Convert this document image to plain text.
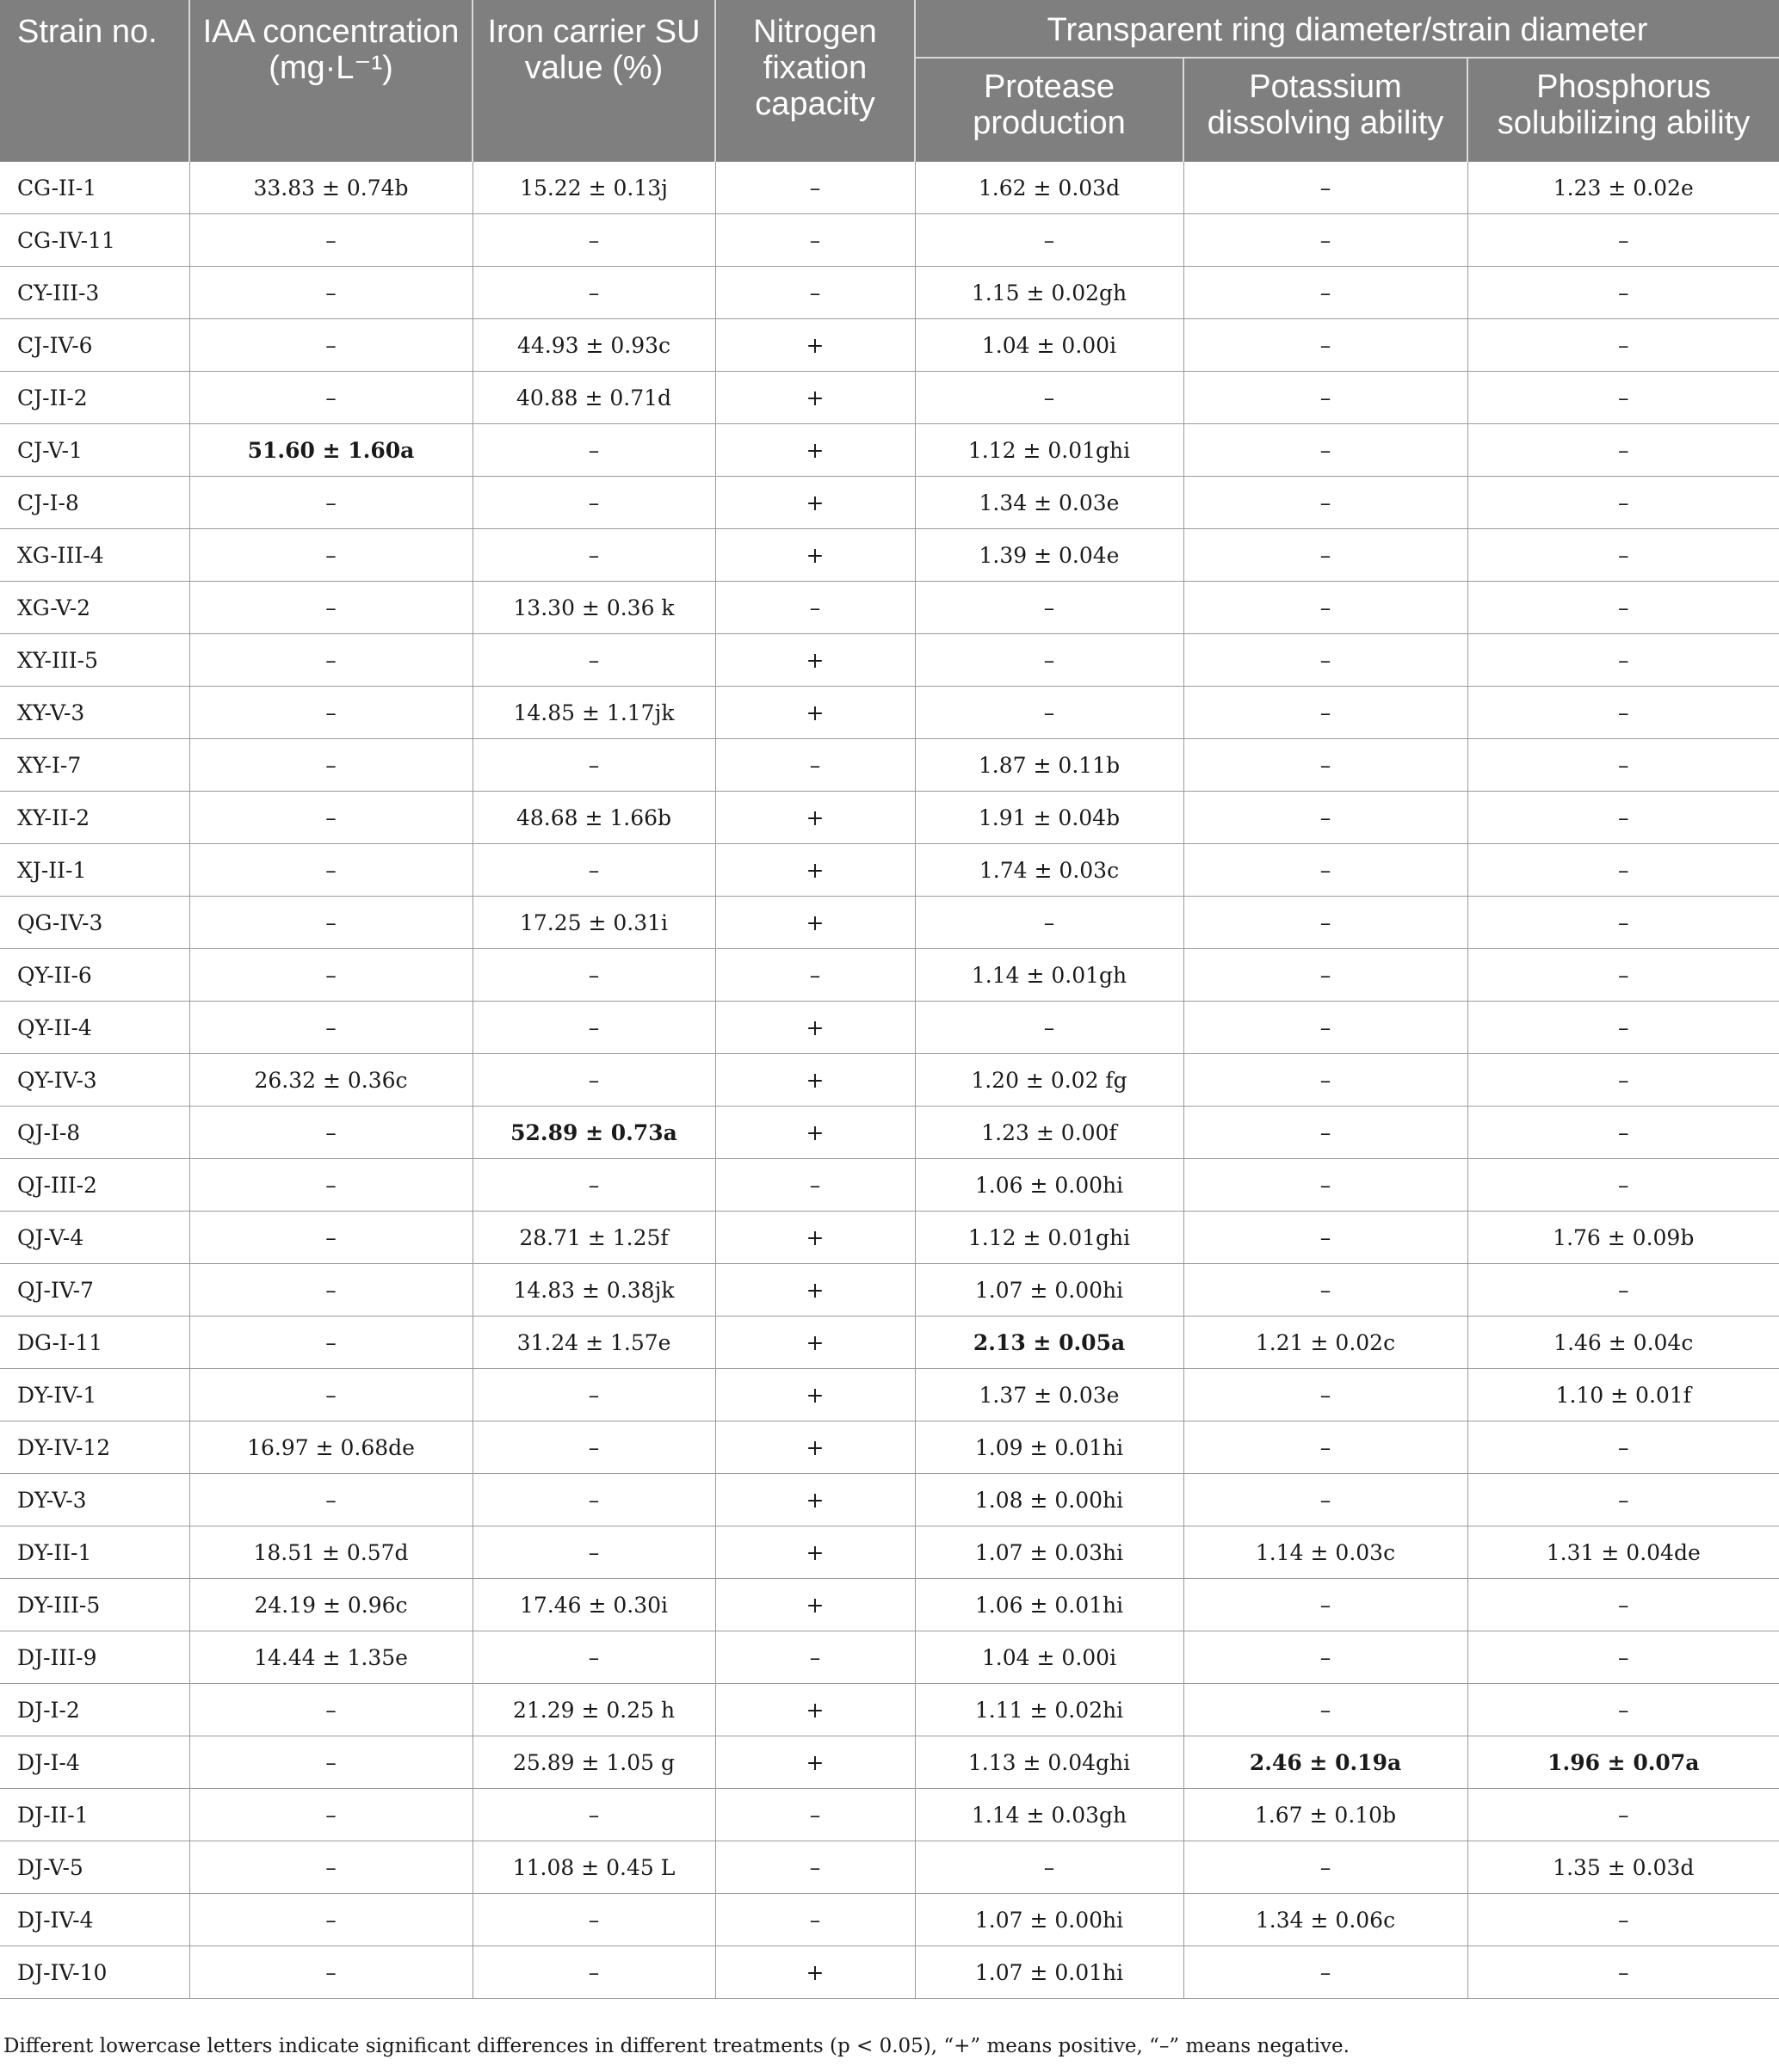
Strain no.	IAA concentration (mg·L⁻¹)	Iron carrier SU value (%)	Nitrogen fixation capacity	Transparent ring diameter/strain diameter		
				Protease production	Potassium dissolving ability	Phosphorus solubilizing ability
CG-II-1	33.83 ± 0.74b	15.22 ± 0.13j	–	1.62 ± 0.03d	–	1.23 ± 0.02e
CG-IV-11	–	–	–	–	–	–
CY-III-3	–	–	–	1.15 ± 0.02gh	–	–
CJ-IV-6	–	44.93 ± 0.93c	+	1.04 ± 0.00i	–	–
CJ-II-2	–	40.88 ± 0.71d	+	–	–	–
CJ-V-1	51.60 ± 1.60a	–	+	1.12 ± 0.01ghi	–	–
CJ-I-8	–	–	+	1.34 ± 0.03e	–	–
XG-III-4	–	–	+	1.39 ± 0.04e	–	–
XG-V-2	–	13.30 ± 0.36 k	–	–	–	–
XY-III-5	–	–	+	–	–	–
XY-V-3	–	14.85 ± 1.17jk	+	–	–	–
XY-I-7	–	–	–	1.87 ± 0.11b	–	–
XY-II-2	–	48.68 ± 1.66b	+	1.91 ± 0.04b	–	–
XJ-II-1	–	–	+	1.74 ± 0.03c	–	–
QG-IV-3	–	17.25 ± 0.31i	+	–	–	–
QY-II-6	–	–	–	1.14 ± 0.01gh	–	–
QY-II-4	–	–	+	–	–	–
QY-IV-3	26.32 ± 0.36c	–	+	1.20 ± 0.02 fg	–	–
QJ-I-8	–	52.89 ± 0.73a	+	1.23 ± 0.00f	–	–
QJ-III-2	–	–	–	1.06 ± 0.00hi	–	–
QJ-V-4	–	28.71 ± 1.25f	+	1.12 ± 0.01ghi	–	1.76 ± 0.09b
QJ-IV-7	–	14.83 ± 0.38jk	+	1.07 ± 0.00hi	–	–
DG-I-11	–	31.24 ± 1.57e	+	2.13 ± 0.05a	1.21 ± 0.02c	1.46 ± 0.04c
DY-IV-1	–	–	+	1.37 ± 0.03e	–	1.10 ± 0.01f
DY-IV-12	16.97 ± 0.68de	–	+	1.09 ± 0.01hi	–	–
DY-V-3	–	–	+	1.08 ± 0.00hi	–	–
DY-II-1	18.51 ± 0.57d	–	+	1.07 ± 0.03hi	1.14 ± 0.03c	1.31 ± 0.04de
DY-III-5	24.19 ± 0.96c	17.46 ± 0.30i	+	1.06 ± 0.01hi	–	–
DJ-III-9	14.44 ± 1.35e	–	–	1.04 ± 0.00i	–	–
DJ-I-2	–	21.29 ± 0.25 h	+	1.11 ± 0.02hi	–	–
DJ-I-4	–	25.89 ± 1.05 g	+	1.13 ± 0.04ghi	2.46 ± 0.19a	1.96 ± 0.07a
DJ-II-1	–	–	–	1.14 ± 0.03gh	1.67 ± 0.10b	–
DJ-V-5	–	11.08 ± 0.45 L	–	–	–	1.35 ± 0.03d
DJ-IV-4	–	–	–	1.07 ± 0.00hi	1.34 ± 0.06c	–
DJ-IV-10	–	–	+	1.07 ± 0.01hi	–	–
Different lowercase letters indicate significant differences in different treatments (p < 0.05), “+” means positive, “–” means negative.
